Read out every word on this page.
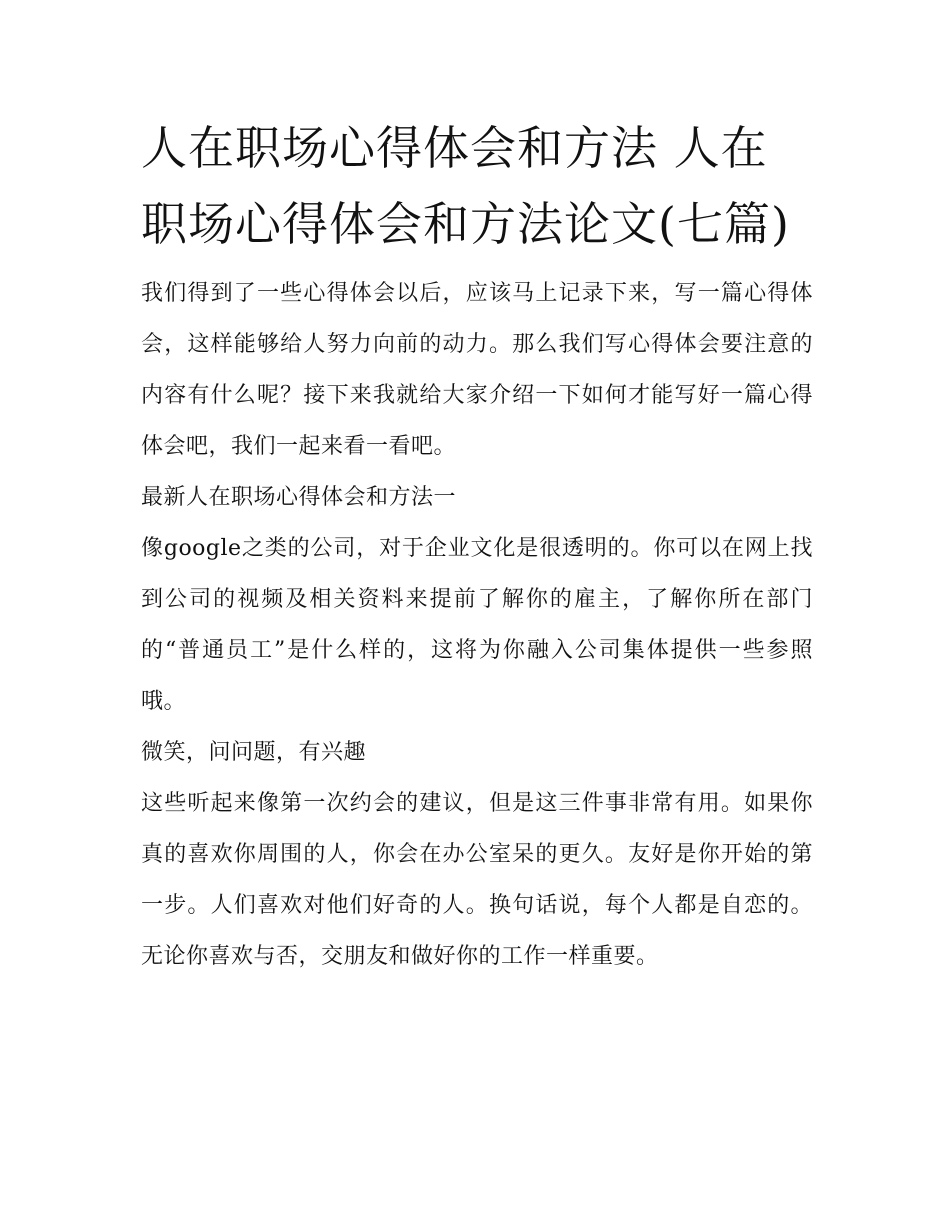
人在职场心得体会和方法 人在职场心得体会和方法论文(七篇)

我们得到了一些心得体会以后，应该马上记录下来，写一篇心得体会，这样能够给人努力向前的动力。那么我们写心得体会要注意的内容有什么呢？接下来我就给大家介绍一下如何才能写好一篇心得体会吧，我们一起来看一看吧。

最新人在职场心得体会和方法一

像google之类的公司，对于企业文化是很透明的。你可以在网上找到公司的视频及相关资料来提前了解你的雇主，了解你所在部门的“普通员工”是什么样的，这将为你融入公司集体提供一些参照哦。

微笑，问问题，有兴趣

这些听起来像第一次约会的建议，但是这三件事非常有用。如果你真的喜欢你周围的人，你会在办公室呆的更久。友好是你开始的第一步。人们喜欢对他们好奇的人。换句话说，每个人都是自恋的。无论你喜欢与否，交朋友和做好你的工作一样重要。
